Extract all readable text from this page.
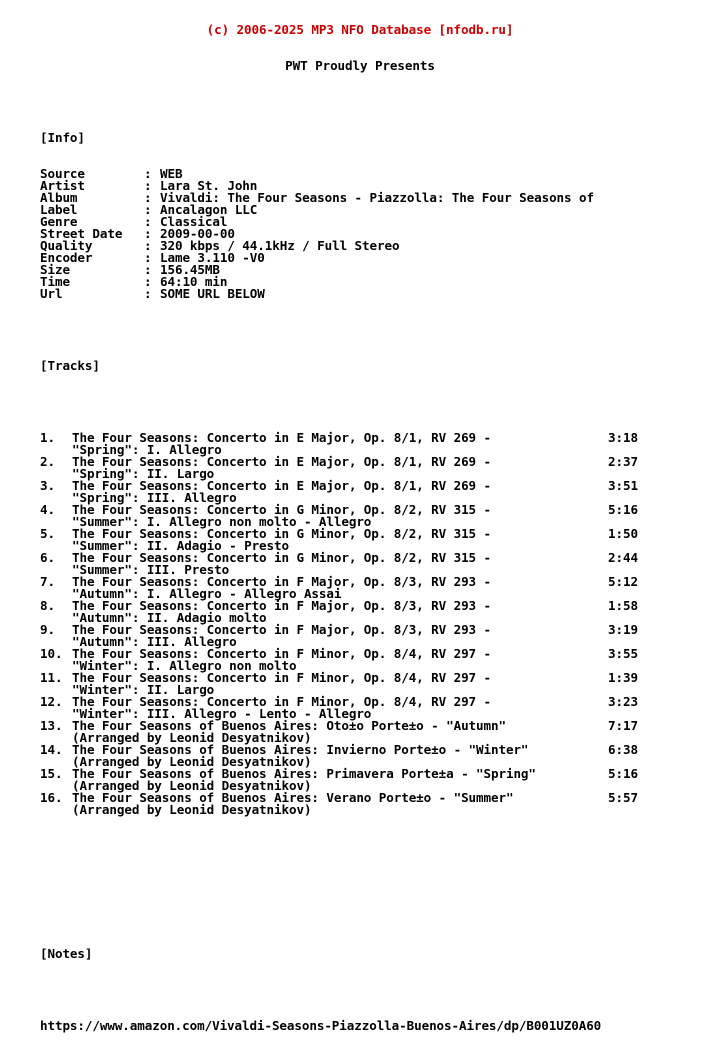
(c) 2006-2025 MP3 NFO Database [nfodb.ru]

PWT Proudly Presents

[Info]

Source	: WEB
Artist	: Lara St. John
Album	: Vivaldi: The Four Seasons - Piazzolla: The Four Seasons of
Label	: Ancalagon LLC
Genre	: Classical
Street Date : 2009-00-00
Quality	: 320 kbps / 44.1kHz / Full Stereo
Encoder	: Lame 3.110 -V0
Size	: 156.45MB
Time	: 64:10 min
Url	: SOME URL BELOW

[Tracks]

1. The Four Seasons: Concerto in E Major, Op. 8/1, RV 269 -	3:18
"Spring": I. Allegro
2. The Four Seasons: Concerto in E Major, Op. 8/1, RV 269 -	2:37
"Spring": II. Largo
3. The Four Seasons: Concerto in E Major, Op. 8/1, RV 269 -	3:51
"Spring": III. Allegro
4. The Four Seasons: Concerto in G Minor, Op. 8/2, RV 315 -	5:16
"Summer": I. Allegro non molto - Allegro
5. The Four Seasons: Concerto in G Minor, Op. 8/2, RV 315 -	1:50
"Summer": II. Adagio - Presto
6. The Four Seasons: Concerto in G Minor, Op. 8/2, RV 315 -	2:44
"Summer": III. Presto
7. The Four Seasons: Concerto in F Major, Op. 8/3, RV 293 -	5:12
"Autumn": I. Allegro - Allegro Assai
8. The Four Seasons: Concerto in F Major, Op. 8/3, RV 293 -	1:58
"Autumn": II. Adagio molto
9. The Four Seasons: Concerto in F Major, Op. 8/3, RV 293 -	3:19
"Autumn": III. Allegro
10. The Four Seasons: Concerto in F Minor, Op. 8/4, RV 297 -	3:55
"Winter": I. Allegro non molto
11. The Four Seasons: Concerto in F Minor, Op. 8/4, RV 297 -	1:39
"Winter": II. Largo
12. The Four Seasons: Concerto in F Minor, Op. 8/4, RV 297 -	3:23
"Winter": III. Allegro - Lento - Allegro
13. The Four Seasons of Buenos Aires: Oto±o Porte±o - "Autumn"	7:17
(Arranged by Leonid Desyatnikov)
14. The Four Seasons of Buenos Aires: Invierno Porte±o - "Winter"	6:38
(Arranged by Leonid Desyatnikov)
15. The Four Seasons of Buenos Aires: Primavera Porte±a - "Spring"	5:16
(Arranged by Leonid Desyatnikov)
16. The Four Seasons of Buenos Aires: Verano Porte±o - "Summer"	5:57
(Arranged by Leonid Desyatnikov)

[Notes]

https://www.amazon.com/Vivaldi-Seasons-Piazzolla-Buenos-Aires/dp/B001UZ0A60
